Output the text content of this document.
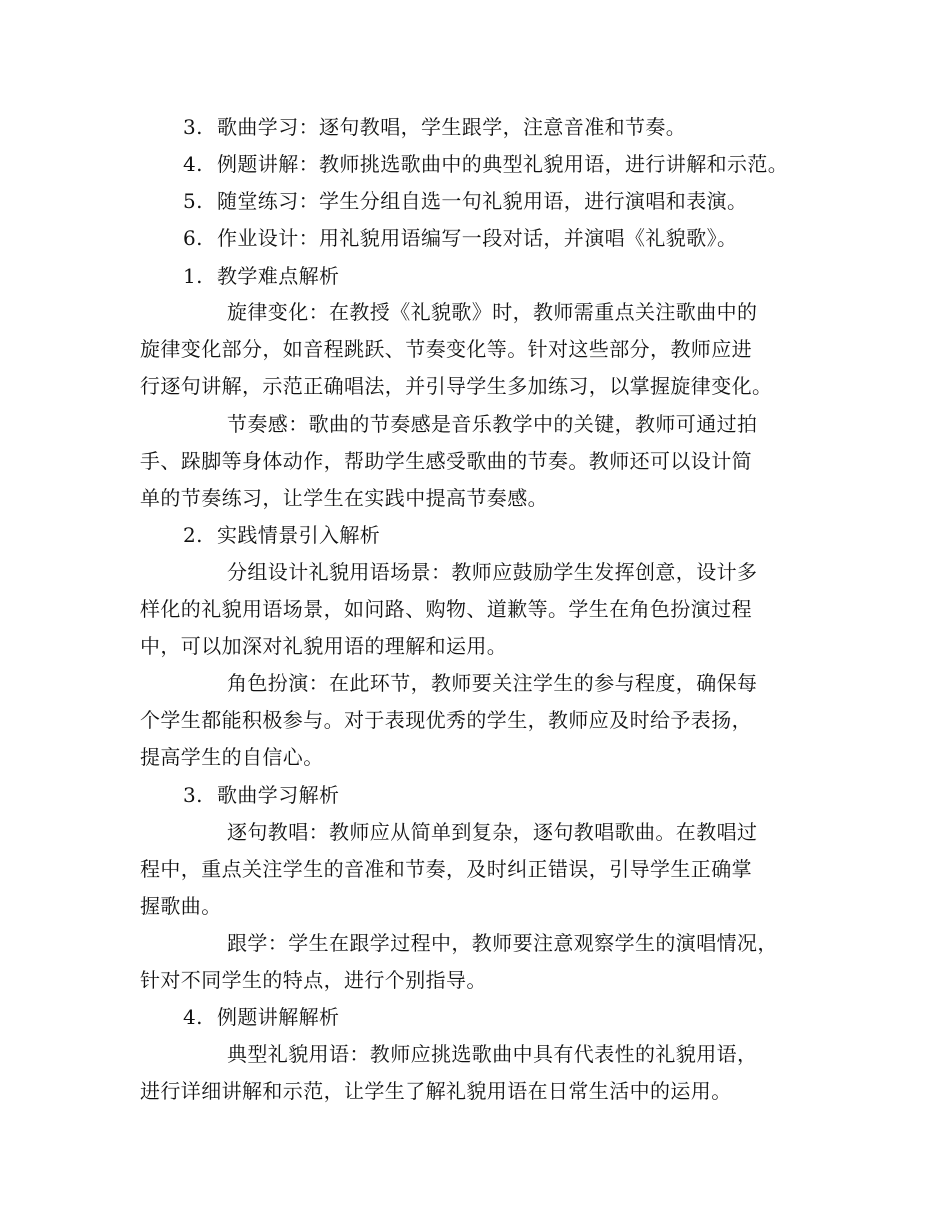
3. 歌曲学习：逐句教唱，学生跟学，注意音准和节奏。
4. 例题讲解：教师挑选歌曲中的典型礼貌用语，进行讲解和示范。
5. 随堂练习：学生分组自选一句礼貌用语，进行演唱和表演。
6. 作业设计：用礼貌用语编写一段对话，并演唱《礼貌歌》。
1. 教学难点解析
旋律变化：在教授《礼貌歌》时，教师需重点关注歌曲中的
旋律变化部分，如音程跳跃、节奏变化等。针对这些部分，教师应进
行逐句讲解，示范正确唱法，并引导学生多加练习，以掌握旋律变化。
节奏感：歌曲的节奏感是音乐教学中的关键，教师可通过拍
手、跺脚等身体动作，帮助学生感受歌曲的节奏。教师还可以设计简
单的节奏练习，让学生在实践中提高节奏感。
2. 实践情景引入解析
分组设计礼貌用语场景：教师应鼓励学生发挥创意，设计多
样化的礼貌用语场景，如问路、购物、道歉等。学生在角色扮演过程
中，可以加深对礼貌用语的理解和运用。
角色扮演：在此环节，教师要关注学生的参与程度，确保每
个学生都能积极参与。对于表现优秀的学生，教师应及时给予表扬，
提高学生的自信心。
3. 歌曲学习解析
逐句教唱：教师应从简单到复杂，逐句教唱歌曲。在教唱过
程中，重点关注学生的音准和节奏，及时纠正错误，引导学生正确掌
握歌曲。
跟学：学生在跟学过程中，教师要注意观察学生的演唱情况，
针对不同学生的特点，进行个别指导。
4. 例题讲解解析
典型礼貌用语：教师应挑选歌曲中具有代表性的礼貌用语，
进行详细讲解和示范，让学生了解礼貌用语在日常生活中的运用。
